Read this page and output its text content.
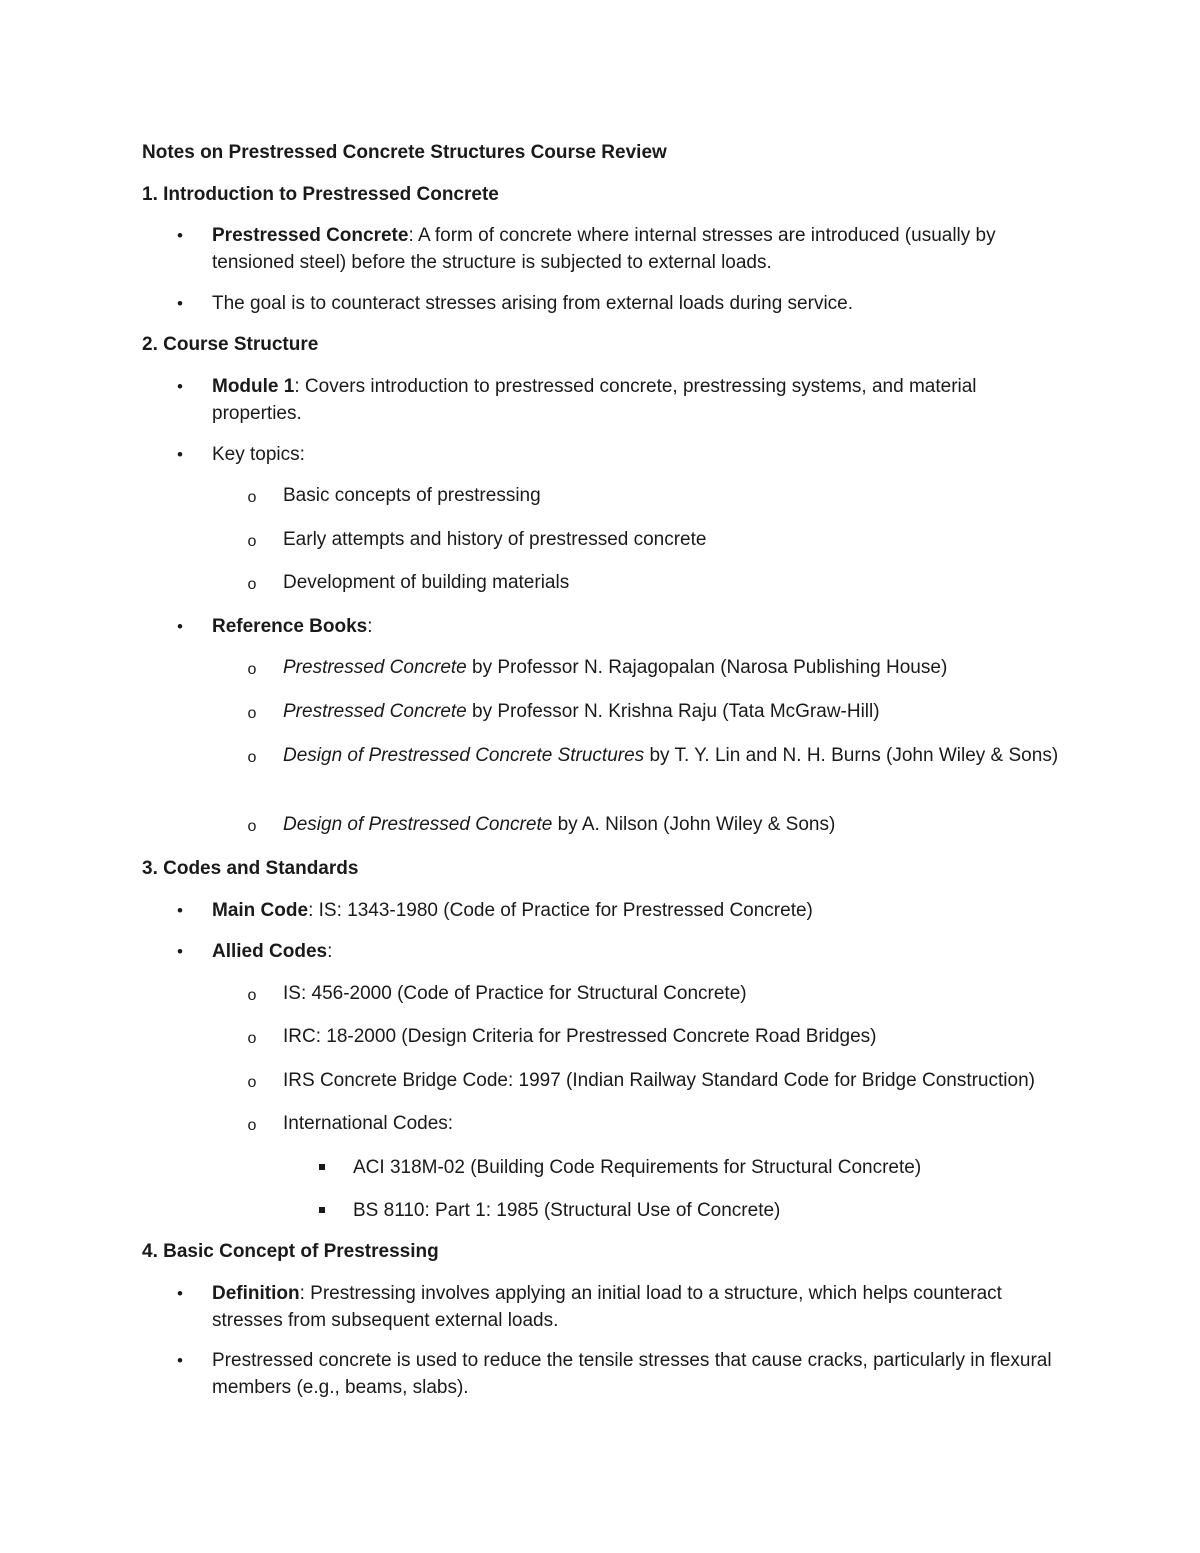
Notes on Prestressed Concrete Structures Course Review
1. Introduction to Prestressed Concrete
• Prestressed Concrete: A form of concrete where internal stresses are introduced (usually by tensioned steel) before the structure is subjected to external loads.
• The goal is to counteract stresses arising from external loads during service.
2. Course Structure
• Module 1: Covers introduction to prestressed concrete, prestressing systems, and material properties.
• Key topics:
o Basic concepts of prestressing
o Early attempts and history of prestressed concrete
o Development of building materials
• Reference Books:
o Prestressed Concrete by Professor N. Rajagopalan (Narosa Publishing House)
o Prestressed Concrete by Professor N. Krishna Raju (Tata McGraw-Hill)
o Design of Prestressed Concrete Structures by T. Y. Lin and N. H. Burns (John Wiley & Sons)
o Design of Prestressed Concrete by A. Nilson (John Wiley & Sons)
3. Codes and Standards
• Main Code: IS: 1343-1980 (Code of Practice for Prestressed Concrete)
• Allied Codes:
o IS: 456-2000 (Code of Practice for Structural Concrete)
o IRC: 18-2000 (Design Criteria for Prestressed Concrete Road Bridges)
o IRS Concrete Bridge Code: 1997 (Indian Railway Standard Code for Bridge Construction)
o International Codes:
ACI 318M-02 (Building Code Requirements for Structural Concrete)
BS 8110: Part 1: 1985 (Structural Use of Concrete)
4. Basic Concept of Prestressing
• Definition: Prestressing involves applying an initial load to a structure, which helps counteract stresses from subsequent external loads.
• Prestressed concrete is used to reduce the tensile stresses that cause cracks, particularly in flexural members (e.g., beams, slabs).
